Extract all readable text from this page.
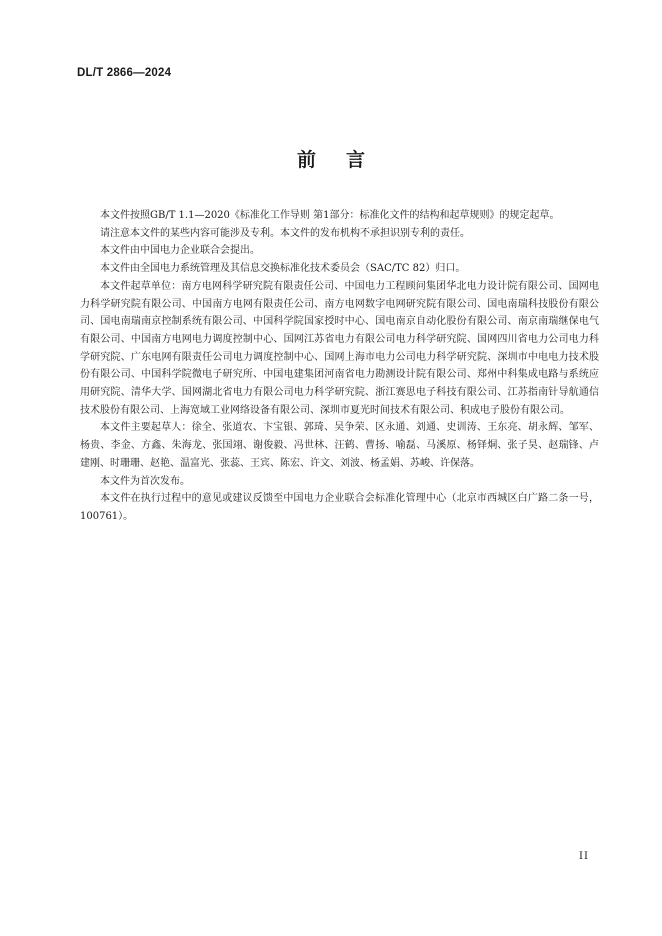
DL/T 2866—2024
前言

本文件按照GB/T 1.1—2020《标准化工作导则 第1部分：标准化文件的结构和起草规则》的规定起草。

请注意本文件的某些内容可能涉及专利。本文件的发布机构不承担识别专利的责任。

本文件由中国电力企业联合会提出。

本文件由全国电力系统管理及其信息交换标准化技术委员会（SAC/TC 82）归口。

本文件起草单位：南方电网科学研究院有限责任公司、中国电力工程顾问集团华北电力设计院有限公司、国网电力科学研究院有限公司、中国南方电网有限责任公司、南方电网数字电网研究院有限公司、国电南瑞科技股份有限公司、国电南瑞南京控制系统有限公司、中国科学院国家授时中心、国电南京自动化股份有限公司、南京南瑞继保电气有限公司、中国南方电网电力调度控制中心、国网江苏省电力有限公司电力科学研究院、国网四川省电力公司电力科学研究院、广东电网有限责任公司电力调度控制中心、国网上海市电力公司电力科学研究院、深圳市中电电力技术股份有限公司、中国科学院微电子研究所、中国电建集团河南省电力勘测设计院有限公司、郑州中科集成电路与系统应用研究院、清华大学、国网湖北省电力有限公司电力科学研究院、浙江赛思电子科技有限公司、江苏指南针导航通信技术股份有限公司、上海宽域工业网络设备有限公司、深圳市夏光时间技术有限公司、积成电子股份有限公司。

本文件主要起草人：徐全、张道农、卞宝银、郭琦、吴争荣、区永通、刘通、史训涛、王东亮、胡永辉、邹军、杨贵、李金、方鑫、朱海龙、张国翊、谢俊毅、冯世林、汪鹤、曹扬、喻磊、马溪原、杨铎烔、张子昊、赵瑞锋、卢建刚、时珊珊、赵艳、温富光、张蕊、王宾、陈宏、许文、刘波、杨孟娟、苏峻、许保落。

本文件为首次发布。

本文件在执行过程中的意见或建议反馈至中国电力企业联合会标准化管理中心（北京市西城区白广路二条一号，100761）。

II
